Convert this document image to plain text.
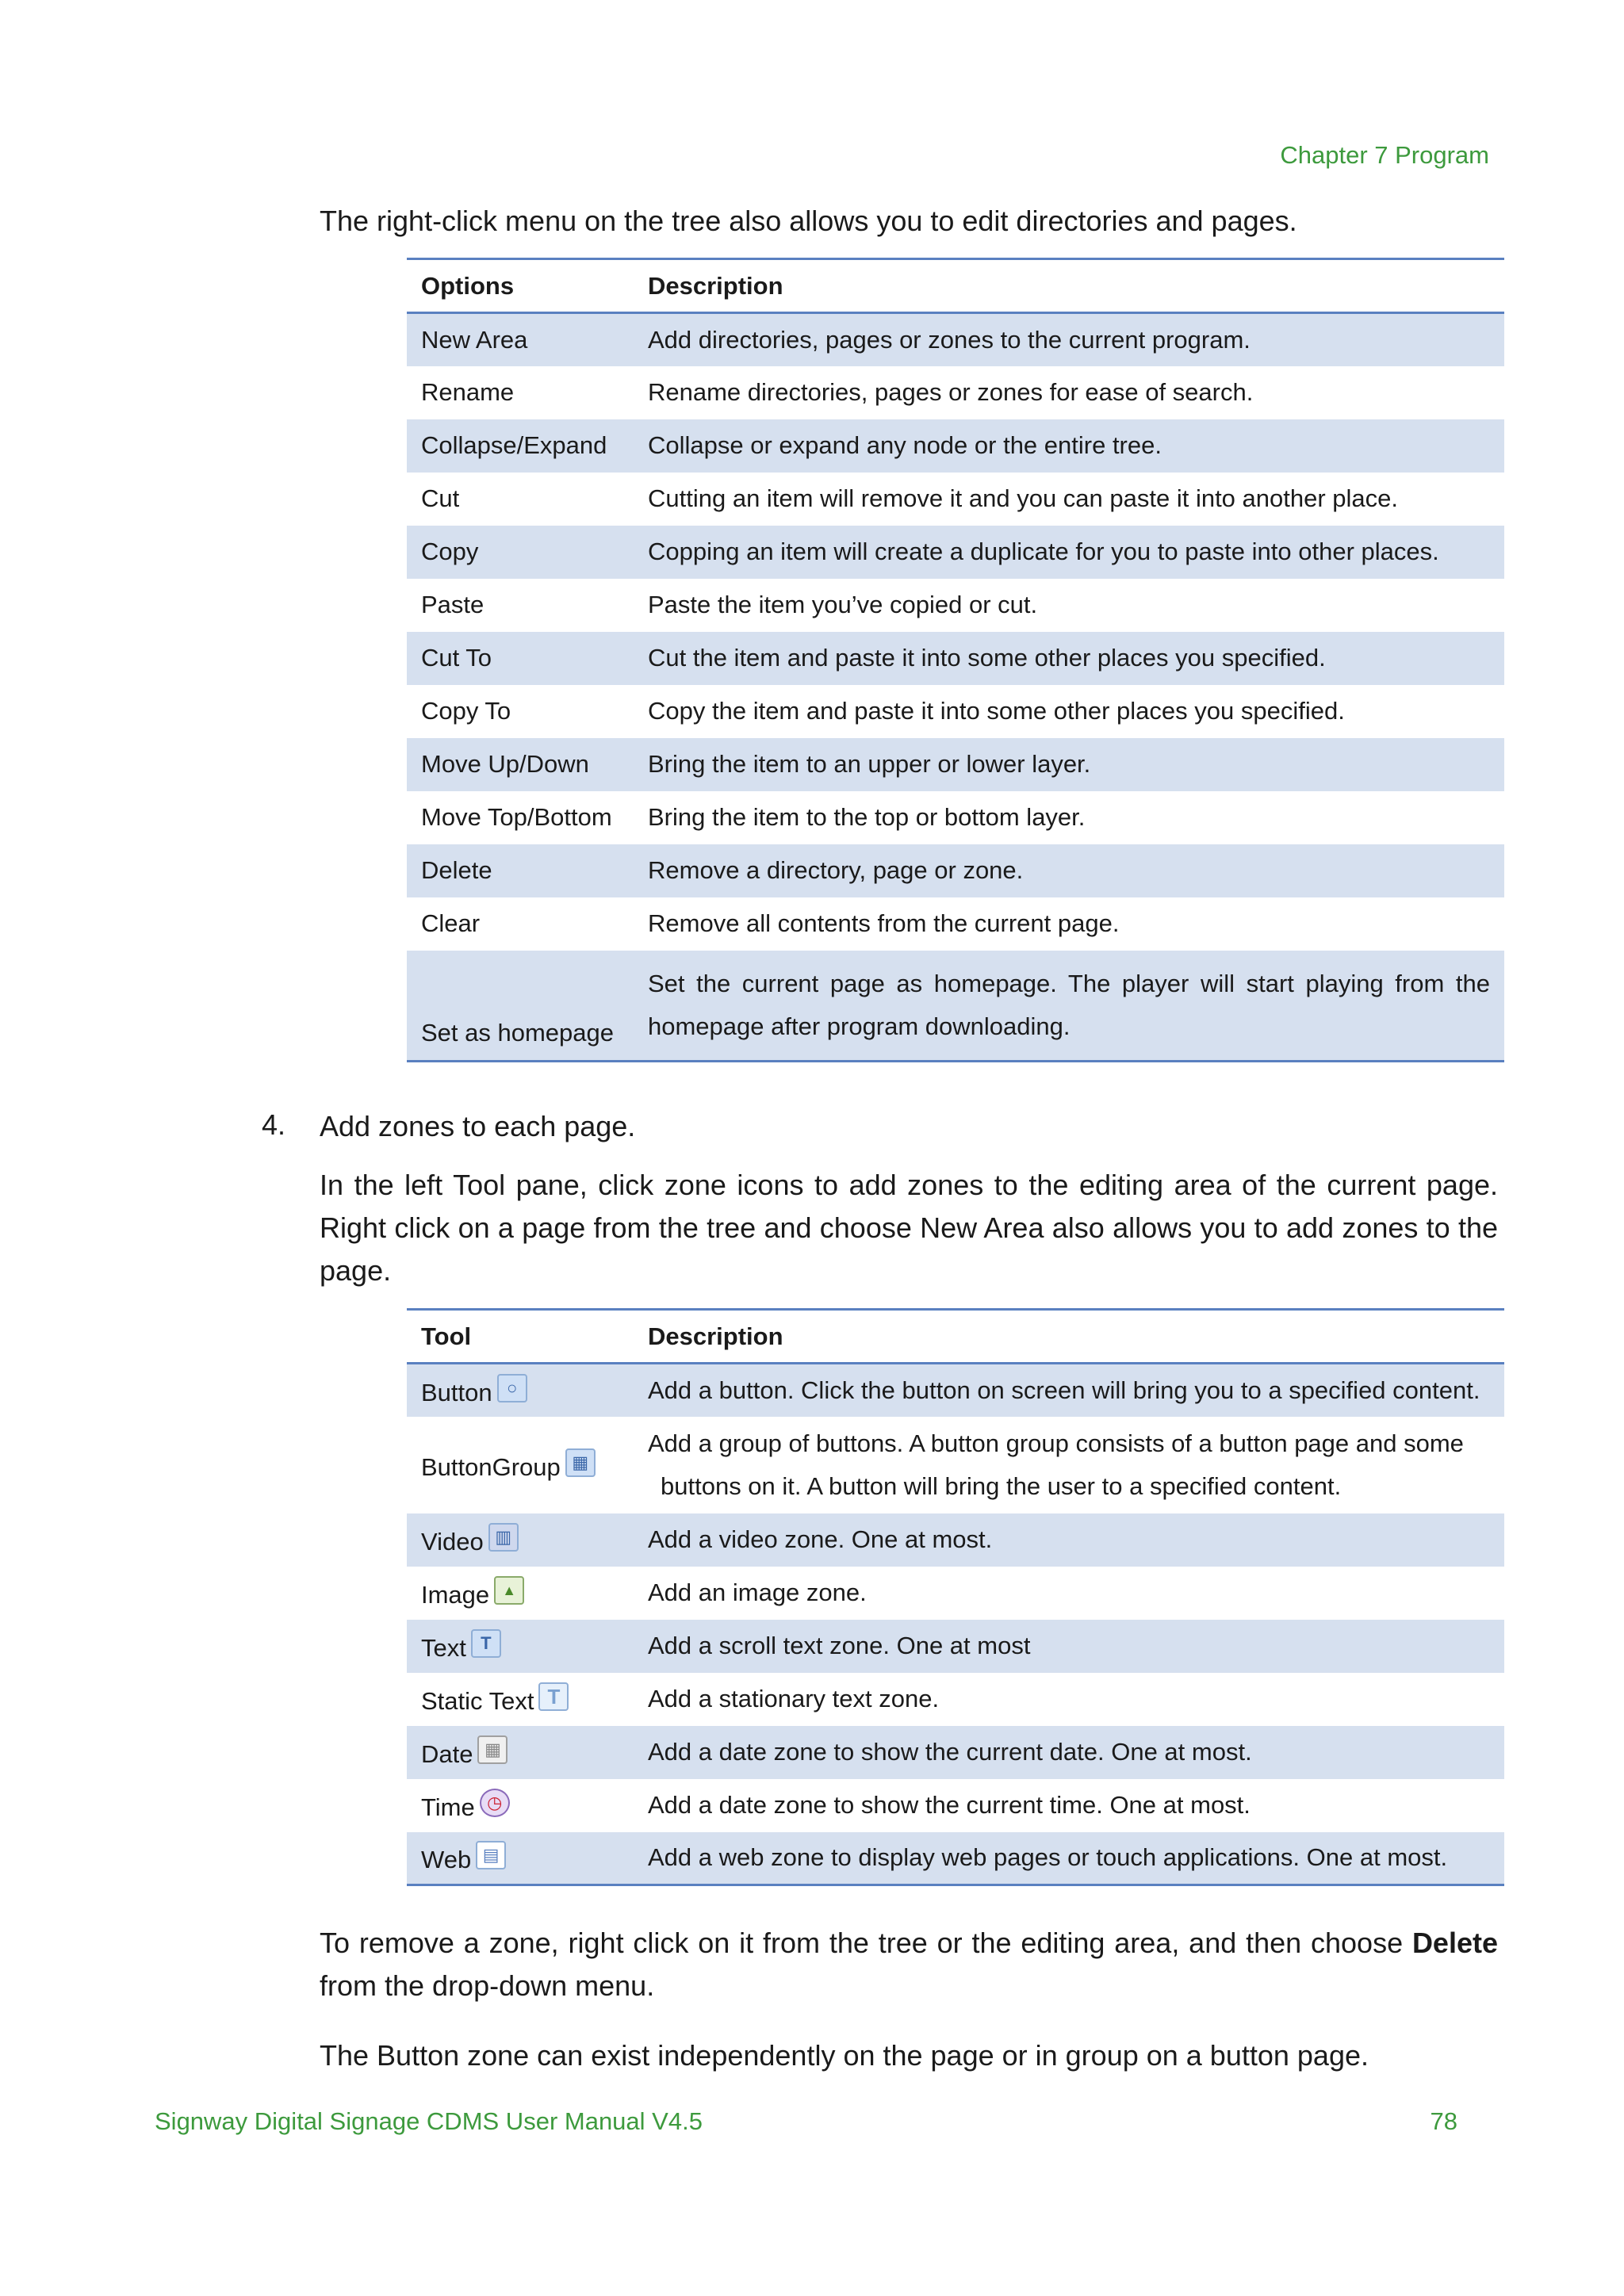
Chapter 7 Program

The right-click menu on the tree also allows you to edit directories and pages.

Options	Description
New Area	Add directories, pages or zones to the current program.
Rename	Rename directories, pages or zones for ease of search.
Collapse/Expand	Collapse or expand any node or the entire tree.
Cut	Cutting an item will remove it and you can paste it into another place.
Copy	Copping an item will create a duplicate for you to paste into other places.
Paste	Paste the item you’ve copied or cut.
Cut To	Cut the item and paste it into some other places you specified.
Copy To	Copy the item and paste it into some other places you specified.
Move Up/Down	Bring the item to an upper or lower layer.
Move Top/Bottom	Bring the item to the top or bottom layer.
Delete	Remove a directory, page or zone.
Clear	Remove all contents from the current page.
Set as homepage	Set the current page as homepage. The player will start playing from the homepage after program downloading.
4. Add zones to each page.

In the left Tool pane, click zone icons to add zones to the editing area of the current page. Right click on a page from the tree and choose New Area also allows you to add zones to the page.

Tool	Description
Button○	Add a button. Click the button on screen will bring you to a specified content.
ButtonGroup▦	Add a group of buttons. A button group consists of a button page and some
buttons on it. A button will bring the user to a specified content.
Video▥	Add a video zone. One at most.
Image▲	Add an image zone.
TextT	Add a scroll text zone. One at most
Static TextT	Add a stationary text zone.
Date▦	Add a date zone to show the current date. One at most.
Time◷	Add a date zone to show the current time. One at most.
Web▤	Add a web zone to display web pages or touch applications. One at most.

To remove a zone, right click on it from the tree or the editing area, and then choose Delete from the drop-down menu.

The Button zone can exist independently on the page or in group on a button page.

Signway Digital Signage CDMS User Manual V4.5	78
